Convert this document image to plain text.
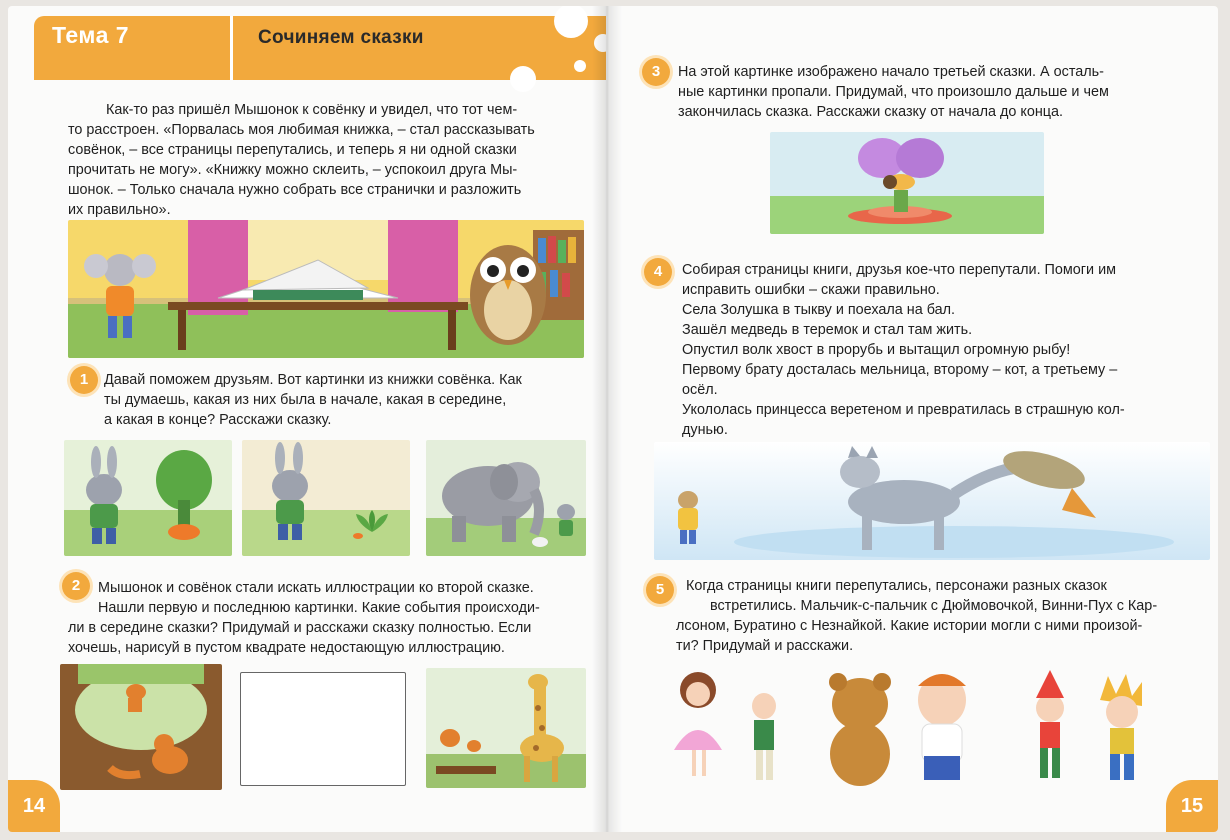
Тема 7	Сочиняем сказки
Как-то раз пришёл Мышонок к совёнку и увидел, что тот чем-
то расстроен. «Порвалась моя любимая книжка, – стал рассказывать
совёнок, – все страницы перепутались, и теперь я ни одной сказки
прочитать не могу». «Книжку можно склеить, – успокоил друга Мы-
шонок. – Только сначала нужно собрать все странички и разложить
их правильно».
1	Давай поможем друзьям. Вот картинки из книжки совёнка. Как
ты думаешь, какая из них была в начале, какая в середине,
а какая в конце? Расскажи сказку.
2	Мышонок и совёнок стали искать иллюстрации ко второй сказке.
Нашли первую и последнюю картинки. Какие события происходи-
ли в середине сказки? Придумай и расскажи сказку полностью. Если
хочешь, нарисуй в пустом квадрате недостающую иллюстрацию.
14
3	На этой картинке изображено начало третьей сказки. А осталь-
ные картинки пропали. Придумай, что произошло дальше и чем
закончилась сказка. Расскажи сказку от начала до конца.
4	Собирая страницы книги, друзья кое-что перепутали. Помоги им
исправить ошибки – скажи правильно.
Села Золушка в тыкву и поехала на бал.
Зашёл медведь в теремок и стал там жить.
Опустил волк хвост в прорубь и вытащил огромную рыбу!
Первому брату досталась мельница, второму – кот, а третьему –
осёл.
Укололась принцесса веретеном и превратилась в страшную кол-
дунью.
5	Когда страницы книги перепутались, персонажи разных сказок
встретились. Мальчик-с-пальчик с Дюймовочкой, Винни-Пух с Кар-
лсоном, Буратино с Незнайкой. Какие истории могли с ними произой-
ти? Придумай и расскажи.
15
